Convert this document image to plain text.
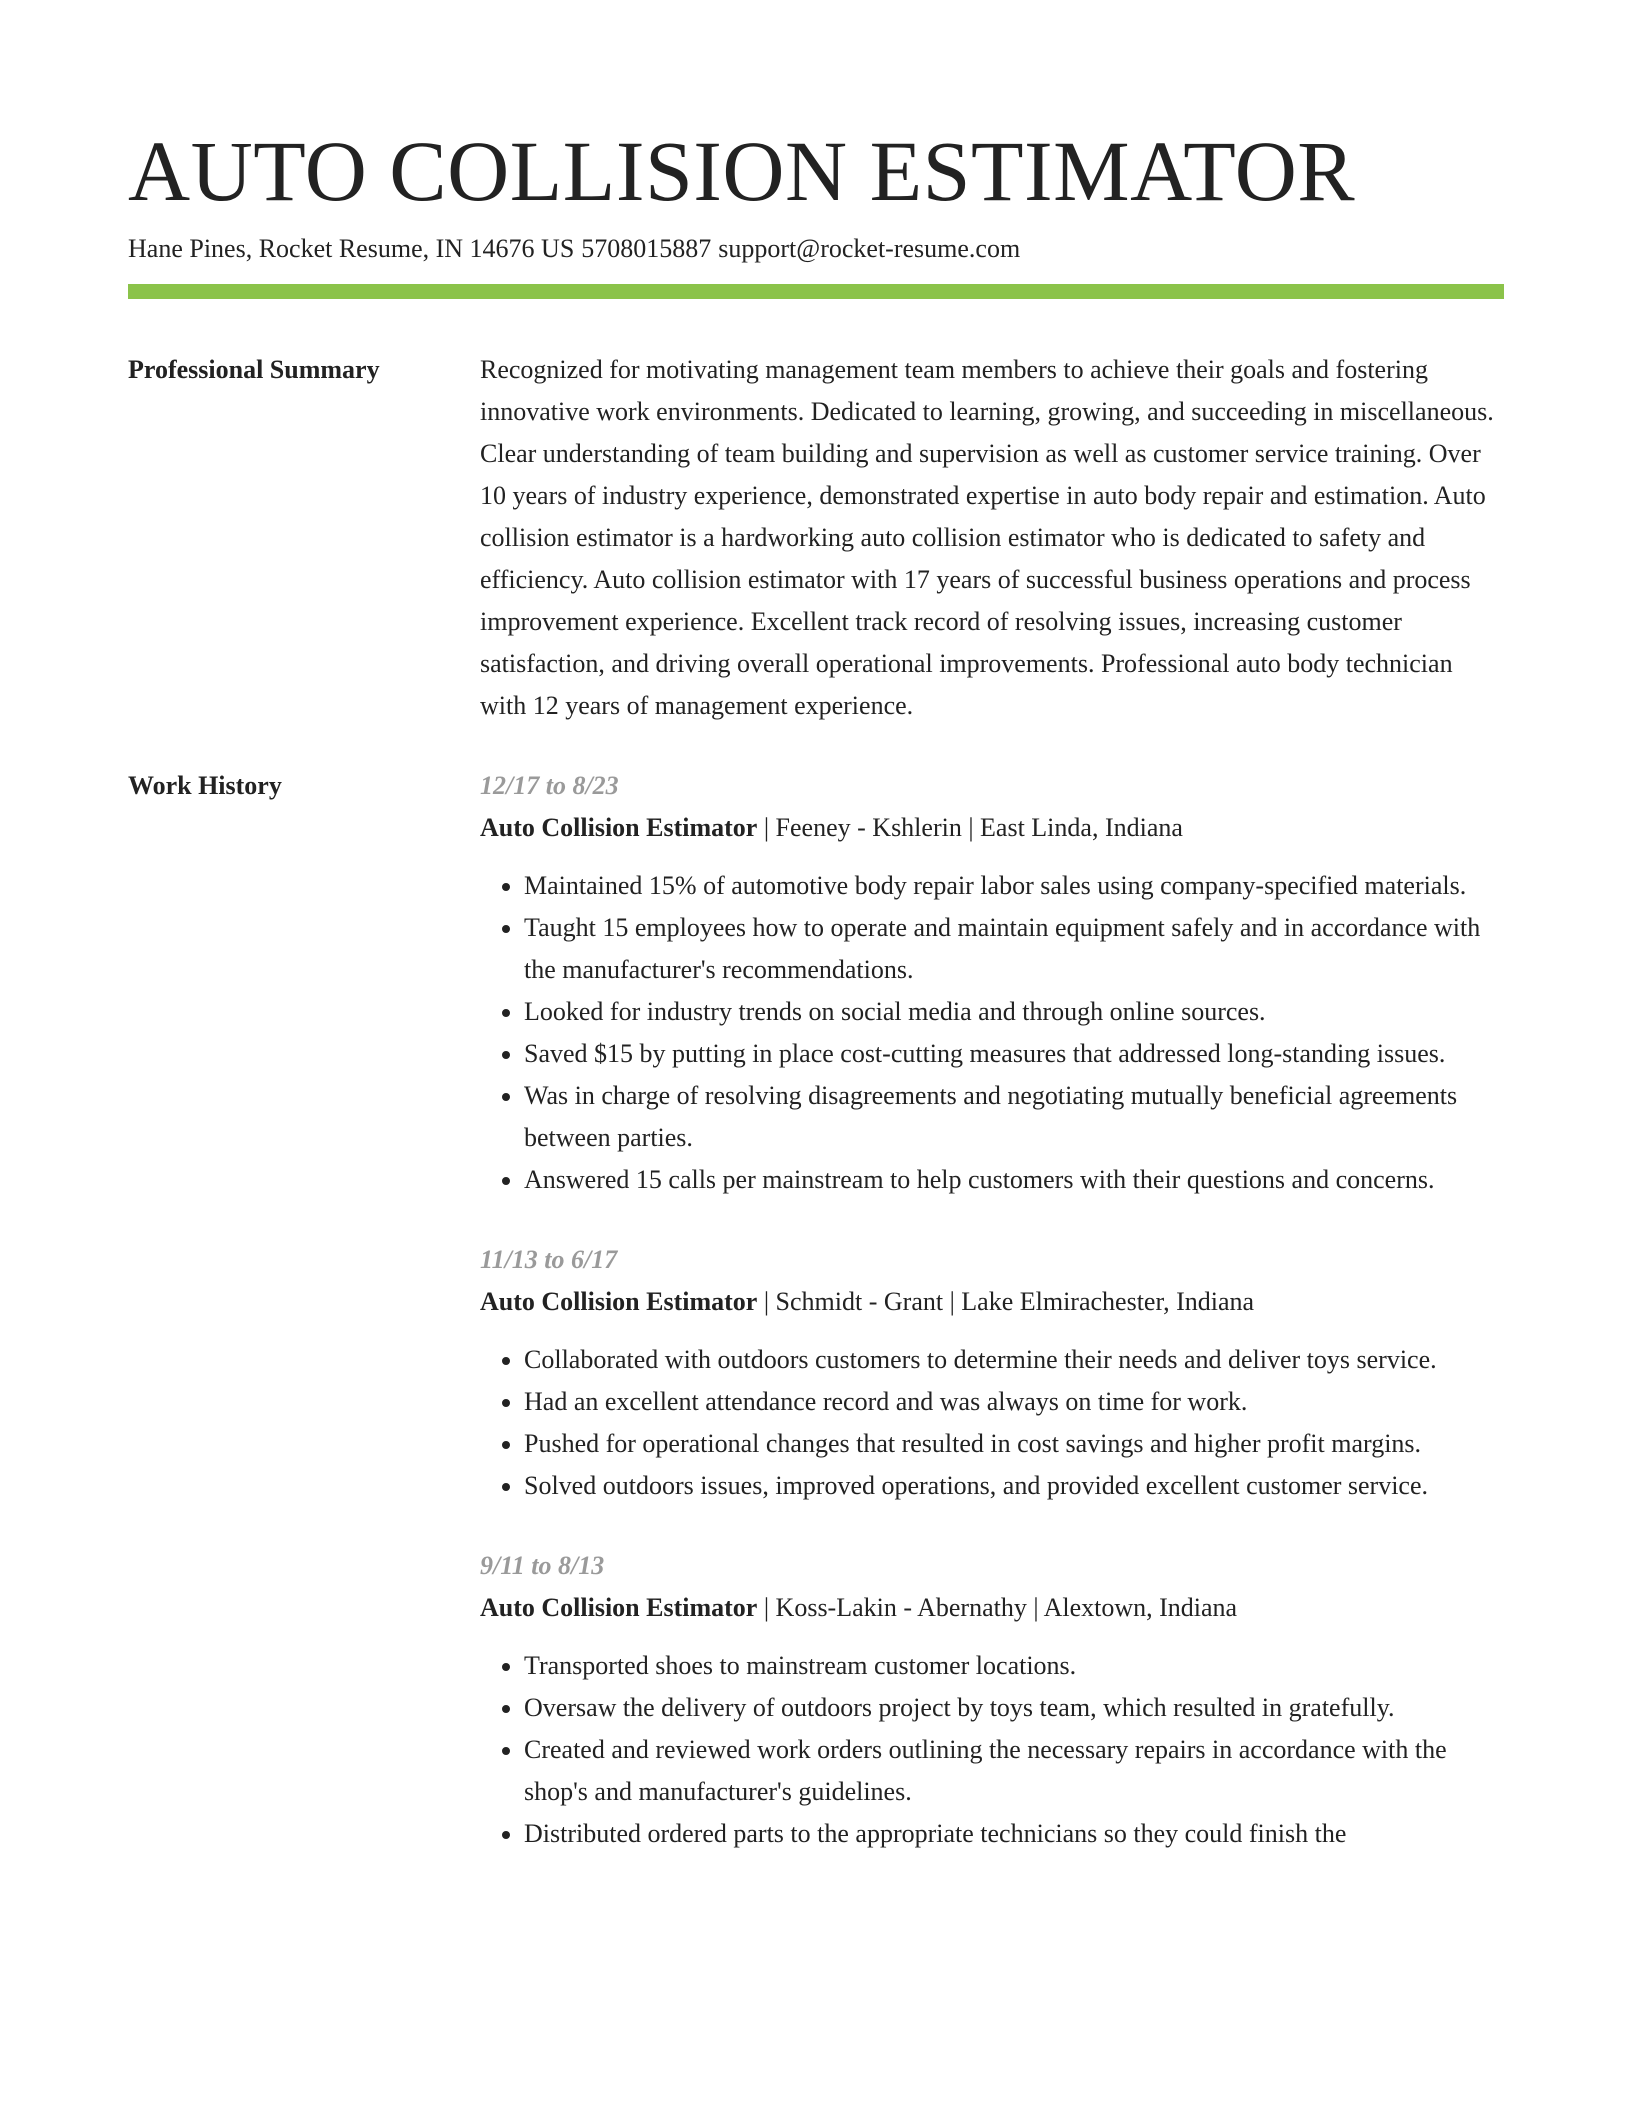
AUTO COLLISION ESTIMATOR
Hane Pines, Rocket Resume, IN 14676 US 5708015887 support@rocket-resume.com
Professional Summary	Recognized for motivating management team members to achieve their goals and fostering innovative work environments. Dedicated to learning, growing, and succeeding in miscellaneous. Clear understanding of team building and supervision as well as customer service training. Over 10 years of industry experience, demonstrated expertise in auto body repair and estimation. Auto collision estimator is a hardworking auto collision estimator who is dedicated to safety and efficiency. Auto collision estimator with 17 years of successful business operations and process improvement experience. Excellent track record of resolving issues, increasing customer satisfaction, and driving overall operational improvements. Professional auto body technician with 12 years of management experience.

Work History	12/17 to 8/23
Auto Collision Estimator | Feeney - Kshlerin | East Linda, Indiana
• Maintained 15% of automotive body repair labor sales using company-specified materials.
• Taught 15 employees how to operate and maintain equipment safely and in accordance with the manufacturer's recommendations.
• Looked for industry trends on social media and through online sources.
• Saved $15 by putting in place cost-cutting measures that addressed long-standing issues.
• Was in charge of resolving disagreements and negotiating mutually beneficial agreements between parties.
• Answered 15 calls per mainstream to help customers with their questions and concerns.
11/13 to 6/17
Auto Collision Estimator | Schmidt - Grant | Lake Elmirachester, Indiana
• Collaborated with outdoors customers to determine their needs and deliver toys service.
• Had an excellent attendance record and was always on time for work.
• Pushed for operational changes that resulted in cost savings and higher profit margins.
• Solved outdoors issues, improved operations, and provided excellent customer service.
9/11 to 8/13
Auto Collision Estimator | Koss-Lakin - Abernathy | Alextown, Indiana
• Transported shoes to mainstream customer locations.
• Oversaw the delivery of outdoors project by toys team, which resulted in gratefully.
• Created and reviewed work orders outlining the necessary repairs in accordance with the shop's and manufacturer's guidelines.
• Distributed ordered parts to the appropriate technicians so they could finish the
